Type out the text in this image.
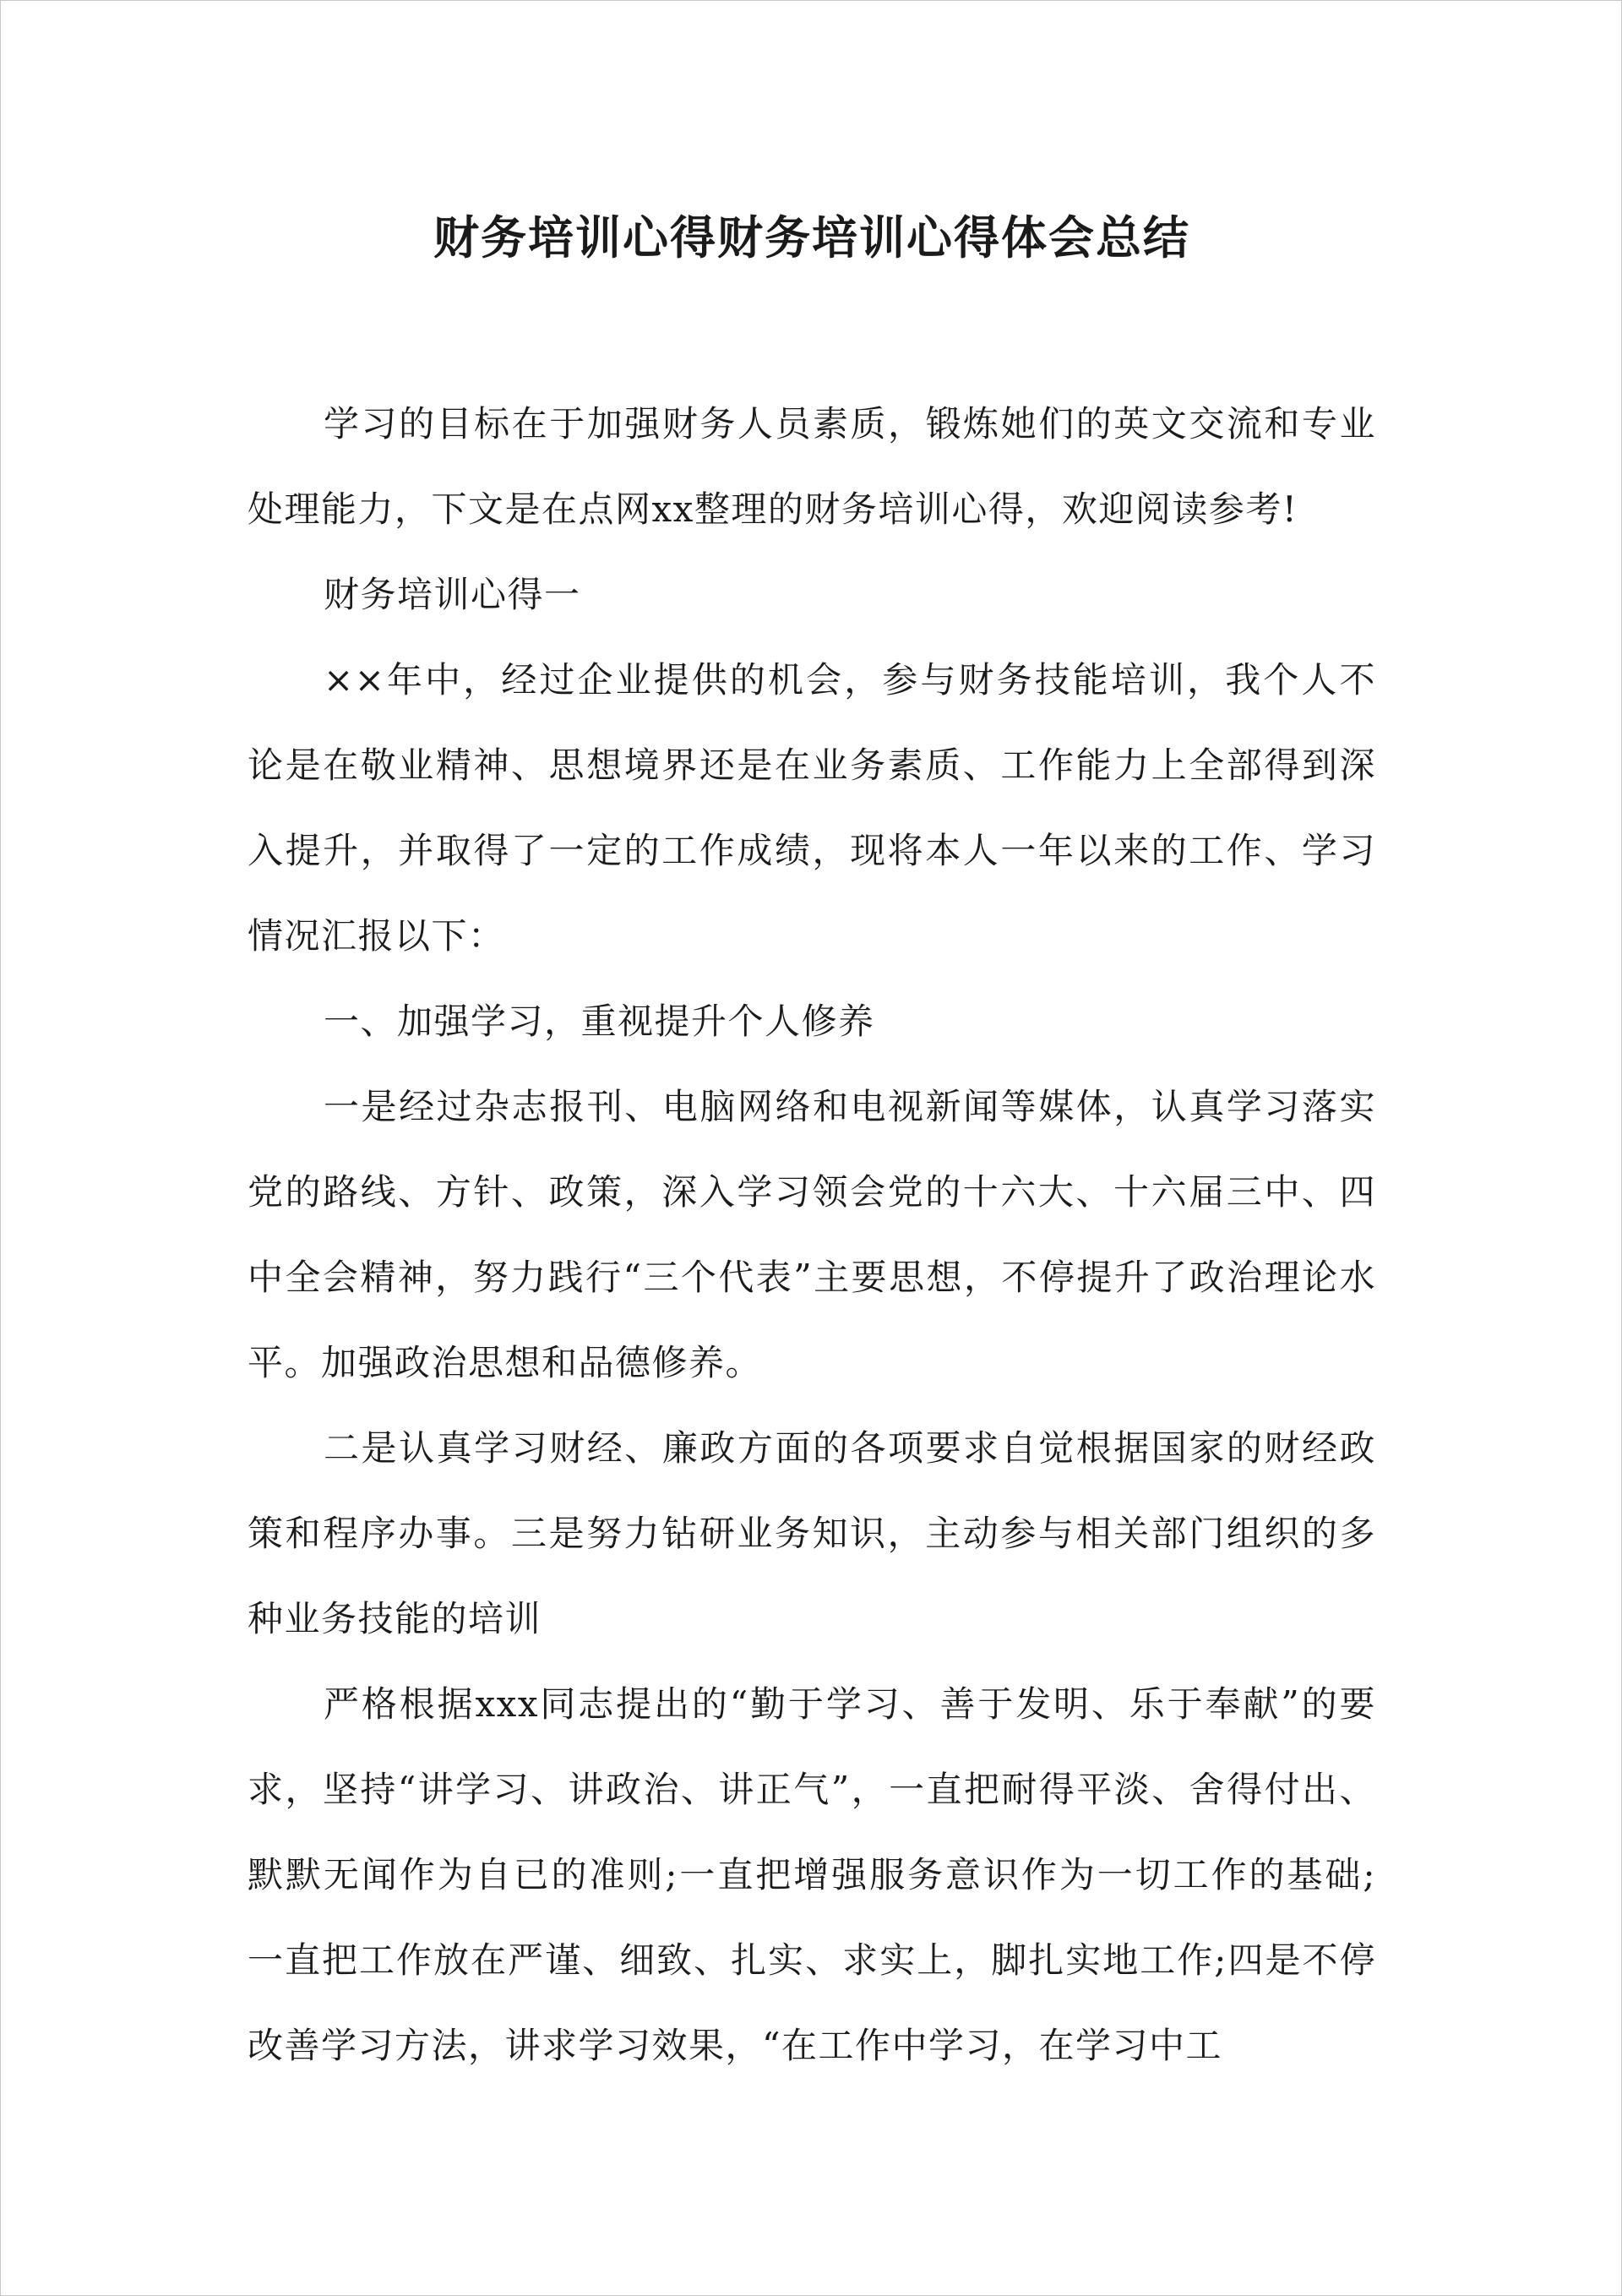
财务培训心得财务培训心得体会总结

学习的目标在于加强财务人员素质，锻炼她们的英文交流和专业处理能力，下文是在点网xx整理的财务培训心得，欢迎阅读参考!

财务培训心得一

××年中，经过企业提供的机会，参与财务技能培训，我个人不论是在敬业精神、思想境界还是在业务素质、工作能力上全部得到深入提升，并取得了一定的工作成绩，现将本人一年以来的工作、学习情况汇报以下：

一、加强学习，重视提升个人修养

一是经过杂志报刊、电脑网络和电视新闻等媒体，认真学习落实党的路线、方针、政策，深入学习领会党的十六大、十六届三中、四中全会精神，努力践行“三个代表”主要思想，不停提升了政治理论水平。加强政治思想和品德修养。

二是认真学习财经、廉政方面的各项要求自觉根据国家的财经政策和程序办事。三是努力钻研业务知识，主动参与相关部门组织的多种业务技能的培训

严格根据xxx同志提出的“勤于学习、善于发明、乐于奉献”的要求，坚持“讲学习、讲政治、讲正气”，一直把耐得平淡、舍得付出、默默无闻作为自已的准则;一直把增强服务意识作为一切工作的基础;一直把工作放在严谨、细致、扎实、求实上，脚扎实地工作;四是不停改善学习方法，讲求学习效果，“在工作中学习，在学习中工
